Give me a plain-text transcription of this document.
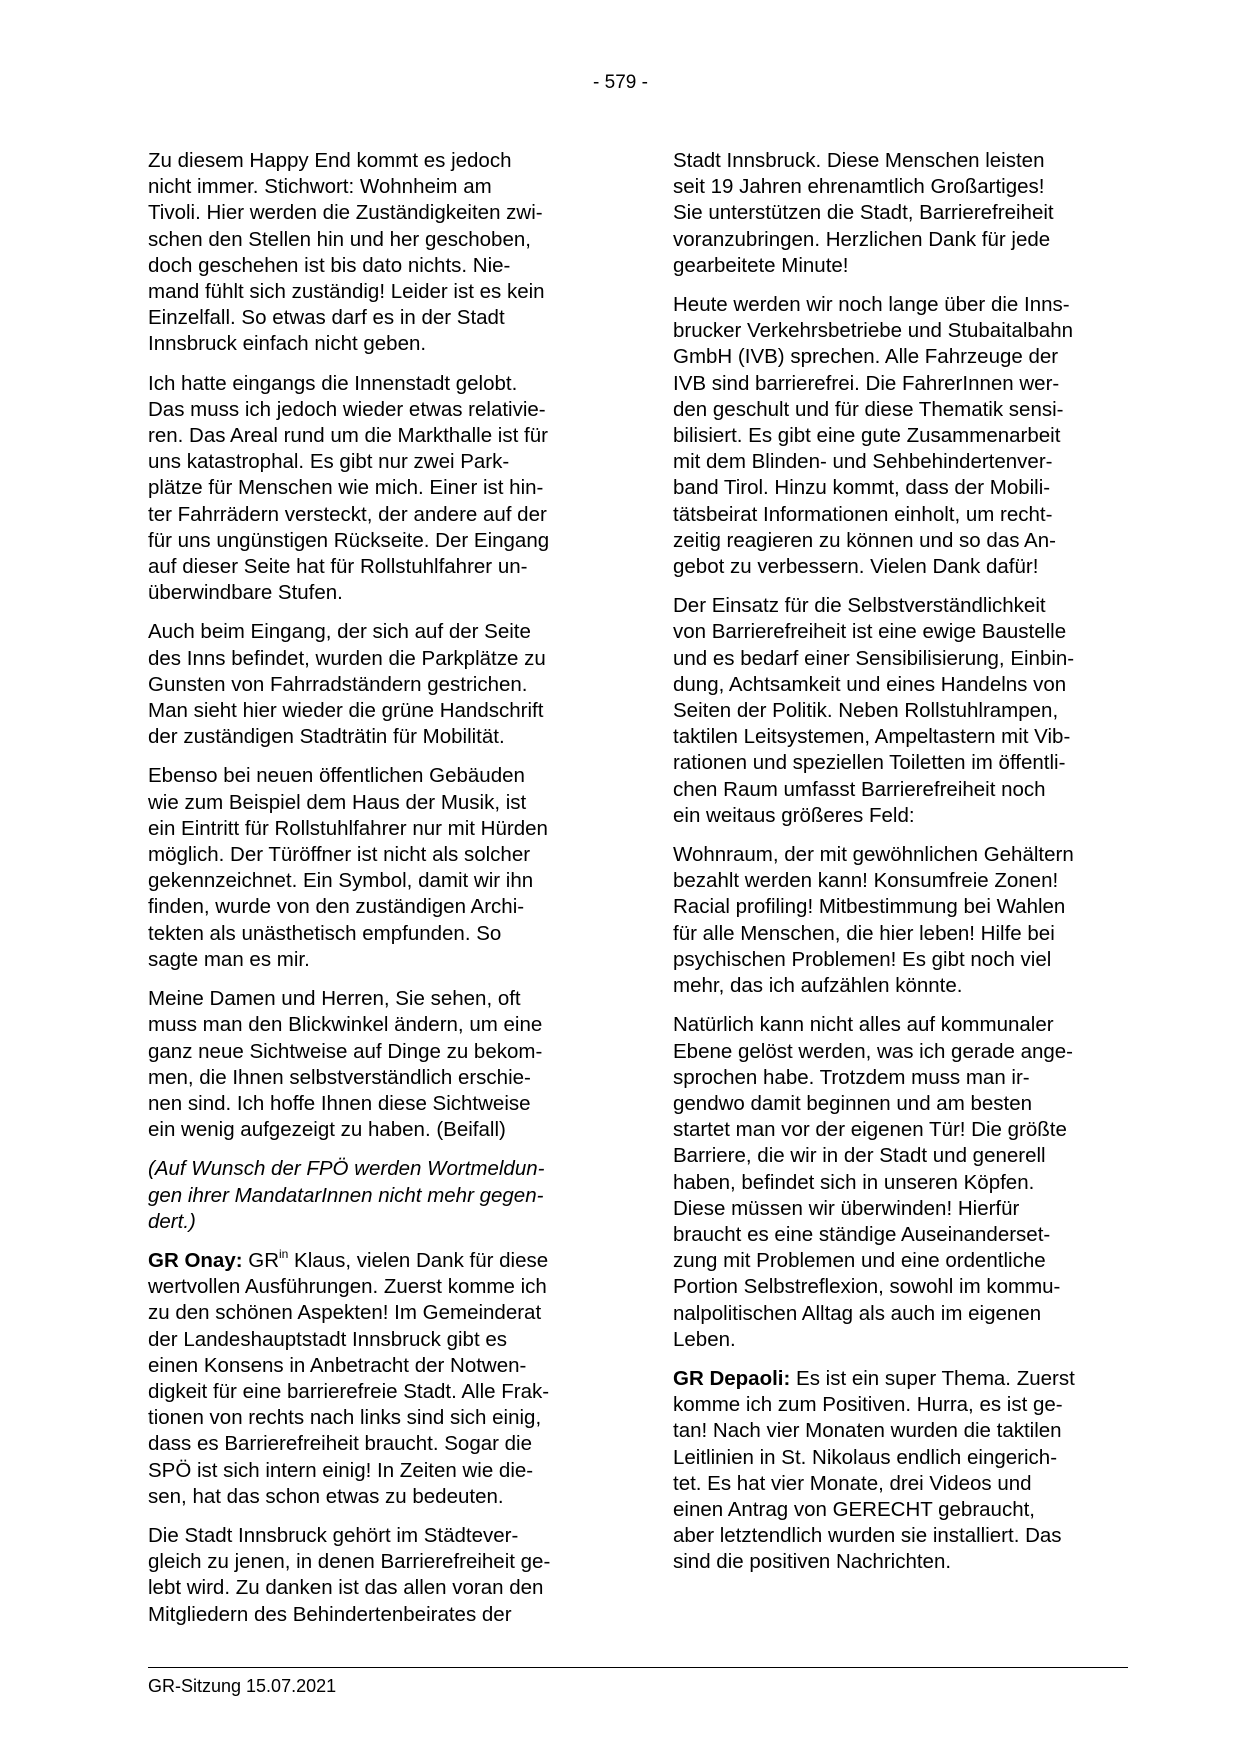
- 579 -

Zu diesem Happy End kommt es jedoch
nicht immer. Stichwort: Wohnheim am
Tivoli. Hier werden die Zuständigkeiten zwi-
schen den Stellen hin und her geschoben,
doch geschehen ist bis dato nichts. Nie-
mand fühlt sich zuständig! Leider ist es kein
Einzelfall. So etwas darf es in der Stadt
Innsbruck einfach nicht geben.

Ich hatte eingangs die Innenstadt gelobt.
Das muss ich jedoch wieder etwas relativie-
ren. Das Areal rund um die Markthalle ist für
uns katastrophal. Es gibt nur zwei Park-
plätze für Menschen wie mich. Einer ist hin-
ter Fahrrädern versteckt, der andere auf der
für uns ungünstigen Rückseite. Der Eingang
auf dieser Seite hat für Rollstuhlfahrer un-
überwindbare Stufen.

Auch beim Eingang, der sich auf der Seite
des Inns befindet, wurden die Parkplätze zu
Gunsten von Fahrradständern gestrichen.
Man sieht hier wieder die grüne Handschrift
der zuständigen Stadträtin für Mobilität.

Ebenso bei neuen öffentlichen Gebäuden
wie zum Beispiel dem Haus der Musik, ist
ein Eintritt für Rollstuhlfahrer nur mit Hürden
möglich. Der Türöffner ist nicht als solcher
gekennzeichnet. Ein Symbol, damit wir ihn
finden, wurde von den zuständigen Archi-
tekten als unästhetisch empfunden. So
sagte man es mir.

Meine Damen und Herren, Sie sehen, oft
muss man den Blickwinkel ändern, um eine
ganz neue Sichtweise auf Dinge zu bekom-
men, die Ihnen selbstverständlich erschie-
nen sind. Ich hoffe Ihnen diese Sichtweise
ein wenig aufgezeigt zu haben. (Beifall)

(Auf Wunsch der FPÖ werden Wortmeldun-
gen ihrer MandatarInnen nicht mehr gegen-
dert.)

GR Onay: $GR^{in}$ Klaus, vielen Dank für diese
wertvollen Ausführungen. Zuerst komme ich
zu den schönen Aspekten! Im Gemeinderat
der Landeshauptstadt Innsbruck gibt es
einen Konsens in Anbetracht der Notwen-
digkeit für eine barrierefreie Stadt. Alle Frak-
tionen von rechts nach links sind sich einig,
dass es Barrierefreiheit braucht. Sogar die
SPÖ ist sich intern einig! In Zeiten wie die-
sen, hat das schon etwas zu bedeuten.

Die Stadt Innsbruck gehört im Städtever-
gleich zu jenen, in denen Barrierefreiheit ge-
lebt wird. Zu danken ist das allen voran den
Mitgliedern des Behindertenbeirates der

Stadt Innsbruck. Diese Menschen leisten
seit 19 Jahren ehrenamtlich Großartiges!
Sie unterstützen die Stadt, Barrierefreiheit
voranzubringen. Herzlichen Dank für jede
gearbeitete Minute!

Heute werden wir noch lange über die Inns-
brucker Verkehrsbetriebe und Stubaitalbahn
GmbH (IVB) sprechen. Alle Fahrzeuge der
IVB sind barrierefrei. Die FahrerInnen wer-
den geschult und für diese Thematik sensi-
bilisiert. Es gibt eine gute Zusammenarbeit
mit dem Blinden- und Sehbehindertenver-
band Tirol. Hinzu kommt, dass der Mobili-
tätsbeirat Informationen einholt, um recht-
zeitig reagieren zu können und so das An-
gebot zu verbessern. Vielen Dank dafür!

Der Einsatz für die Selbstverständlichkeit
von Barrierefreiheit ist eine ewige Baustelle
und es bedarf einer Sensibilisierung, Einbin-
dung, Achtsamkeit und eines Handelns von
Seiten der Politik. Neben Rollstuhlrampen,
taktilen Leitsystemen, Ampeltastern mit Vib-
rationen und speziellen Toiletten im öffentli-
chen Raum umfasst Barrierefreiheit noch
ein weitaus größeres Feld:

Wohnraum, der mit gewöhnlichen Gehältern
bezahlt werden kann! Konsumfreie Zonen!
Racial profiling! Mitbestimmung bei Wahlen
für alle Menschen, die hier leben! Hilfe bei
psychischen Problemen! Es gibt noch viel
mehr, das ich aufzählen könnte.

Natürlich kann nicht alles auf kommunaler
Ebene gelöst werden, was ich gerade ange-
sprochen habe. Trotzdem muss man ir-
gendwo damit beginnen und am besten
startet man vor der eigenen Tür! Die größte
Barriere, die wir in der Stadt und generell
haben, befindet sich in unseren Köpfen.
Diese müssen wir überwinden! Hierfür
braucht es eine ständige Auseinanderset-
zung mit Problemen und eine ordentliche
Portion Selbstreflexion, sowohl im kommu-
nalpolitischen Alltag als auch im eigenen
Leben.

GR Depaoli: Es ist ein super Thema. Zuerst
komme ich zum Positiven. Hurra, es ist ge-
tan! Nach vier Monaten wurden die taktilen
Leitlinien in St. Nikolaus endlich eingerich-
tet. Es hat vier Monate, drei Videos und
einen Antrag von GERECHT gebraucht,
aber letztendlich wurden sie installiert. Das
sind die positiven Nachrichten.

GR-Sitzung 15.07.2021
